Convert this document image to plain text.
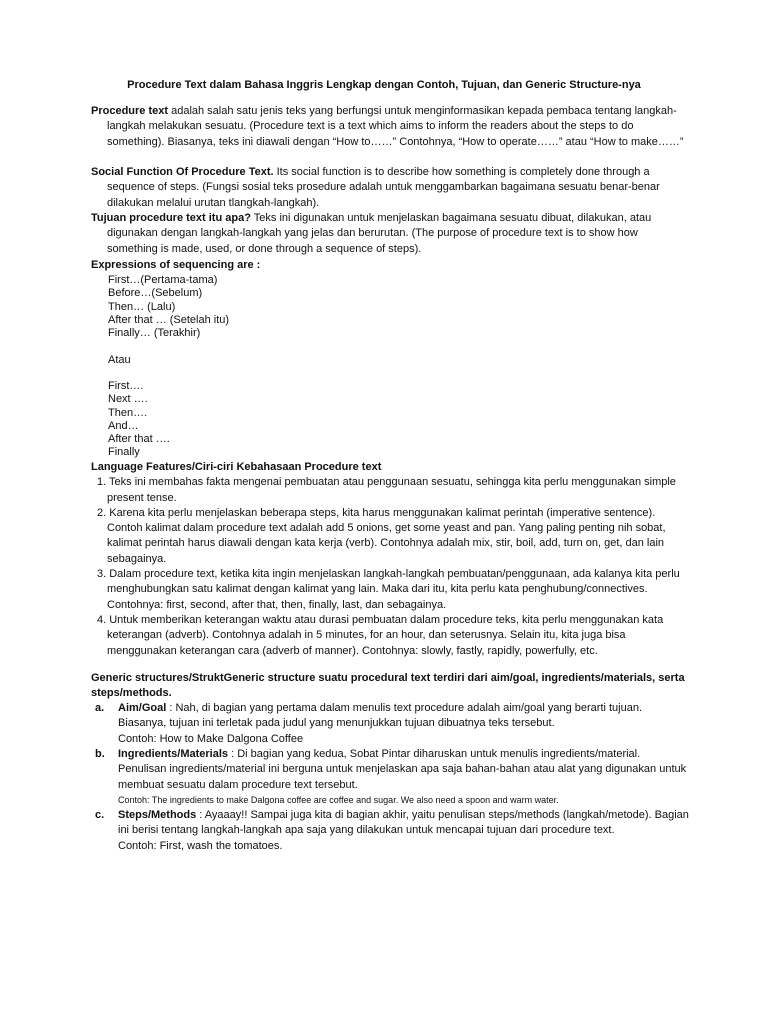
Procedure Text dalam Bahasa Inggris Lengkap dengan Contoh, Tujuan, dan Generic Structure-nya

Procedure text adalah salah satu jenis teks yang berfungsi untuk menginformasikan kepada pembaca tentang langkah-langkah melakukan sesuatu. (Procedure text is a text which aims to inform the readers about the steps to do something). Biasanya, teks ini diawali dengan “How to……” Contohnya, “How to operate……” atau “How to make……”

Social Function Of Procedure Text. Its social function is to describe how something is completely done through a sequence of steps. (Fungsi sosial teks prosedure adalah untuk menggambarkan bagaimana sesuatu benar-benar dilakukan melalui urutan tlangkah-langkah).

Tujuan procedure text itu apa? Teks ini digunakan untuk menjelaskan bagaimana sesuatu dibuat, dilakukan, atau digunakan dengan langkah-langkah yang jelas dan berurutan. (The purpose of procedure text is to show how something is made, used, or done through a sequence of steps).

Expressions of sequencing are :
First…(Pertama-tama)
Before…(Sebelum)
Then… (Lalu)
After that … (Setelah itu)
Finally… (Terakhir)
Atau
First….
Next ….
Then….
And…
After that ….
Finally
Language Features/Ciri-ciri Kebahasaan Procedure text

1. Teks ini membahas fakta mengenai pembuatan atau penggunaan sesuatu, sehingga kita perlu menggunakan simple present tense.

2. Karena kita perlu menjelaskan beberapa steps, kita harus menggunakan kalimat perintah (imperative sentence). Contoh kalimat dalam procedure text adalah add 5 onions, get some yeast and pan. Yang paling penting nih sobat, kalimat perintah harus diawali dengan kata kerja (verb). Contohnya adalah mix, stir, boil, add, turn on, get, dan lain sebagainya.

3. Dalam procedure text, ketika kita ingin menjelaskan langkah-langkah pembuatan/penggunaan, ada kalanya kita perlu menghubungkan satu kalimat dengan kalimat yang lain. Maka dari itu, kita perlu kata penghubung/connectives. Contohnya: first, second, after that, then, finally, last, dan sebagainya.

4. Untuk memberikan keterangan waktu atau durasi pembuatan dalam procedure teks, kita perlu menggunakan kata keterangan (adverb). Contohnya adalah in 5 minutes, for an hour, dan seterusnya. Selain itu, kita juga bisa menggunakan keterangan cara (adverb of manner). Contohnya: slowly, fastly, rapidly, powerfully, etc.

Generic structures/StruktGeneric structure suatu procedural text terdiri dari aim/goal, ingredients/materials, serta steps/methods.
a. Aim/Goal : Nah, di bagian yang pertama dalam menulis text procedure adalah aim/goal yang berarti tujuan. Biasanya, tujuan ini terletak pada judul yang menunjukkan tujuan dibuatnya teks tersebut.
Contoh: How to Make Dalgona Coffee
b. Ingredients/Materials : Di bagian yang kedua, Sobat Pintar diharuskan untuk menulis ingredients/material. Penulisan ingredients/material ini berguna untuk menjelaskan apa saja bahan-bahan atau alat yang digunakan untuk membuat sesuatu dalam procedure text tersebut.
Contoh: The ingredients to make Dalgona coffee are coffee and sugar. We also need a spoon and warm water.
c. Steps/Methods : Ayaaay!! Sampai juga kita di bagian akhir, yaitu penulisan steps/methods (langkah/metode). Bagian ini berisi tentang langkah-langkah apa saja yang dilakukan untuk mencapai tujuan dari procedure text.
Contoh: First, wash the tomatoes.
